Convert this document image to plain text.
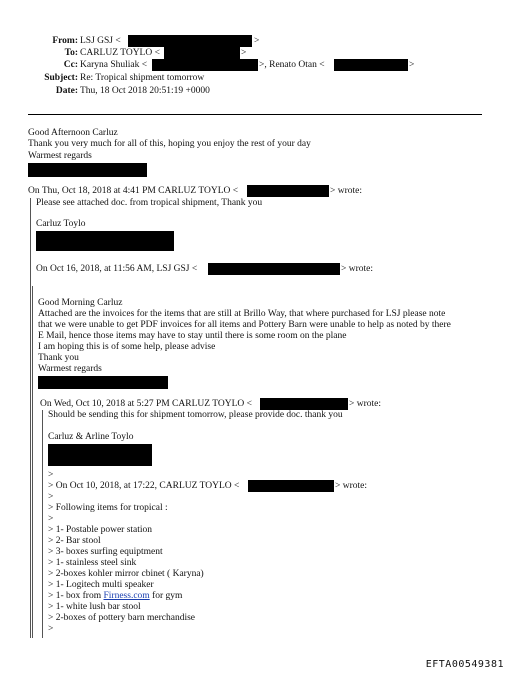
From: LSJ GSJ <	>
To: CARLUZ TOYLO <	>
Cc: Karyna Shuliak <	>, Renato Otan <	>
Subject: Re: Tropical shipment tomorrow
Date: Thu, 18 Oct 2018 20:51:19 +0000
Good Afternoon Carluz
Thank you very much for all of this, hoping you enjoy the rest of your day
Warmest regards
On Thu, Oct 18, 2018 at 4:41 PM CARLUZ TOYLO <	> wrote:
Please see attached doc. from tropical shipment, Thank you
Carluz Toylo
On Oct 16, 2018, at 11:56 AM, LSJ GSJ <	> wrote:
Good Morning Carluz
Attached are the invoices for the items that are still at Brillo Way, that where purchased for LSJ please note
that we were unable to get PDF invoices for all items and Pottery Barn were unable to help as noted by there
E Mail, hence those items may have to stay until there is some room on the plane
I am hoping this is of some help, please advise
Thank you
Warmest regards
On Wed, Oct 10, 2018 at 5:27 PM CARLUZ TOYLO <	> wrote:
Should be sending this for shipment tomorrow, please provide doc. thank you
Carluz & Arline Toylo
>
> On Oct 10, 2018, at 17:22, CARLUZ TOYLO <	> wrote:
>
> Following items for tropical :
>
> 1- Postable power station
> 2- Bar stool
> 3- boxes surfing equiptment
> 1- stainless steel sink
> 2-boxes kohler mirror cbinet ( Karyna)
> 1- Logitech multi speaker
> 1- box from Firness.com for gym
> 1- white lush bar stool
> 2-boxes of pottery barn merchandise
>
EFTA00549381
